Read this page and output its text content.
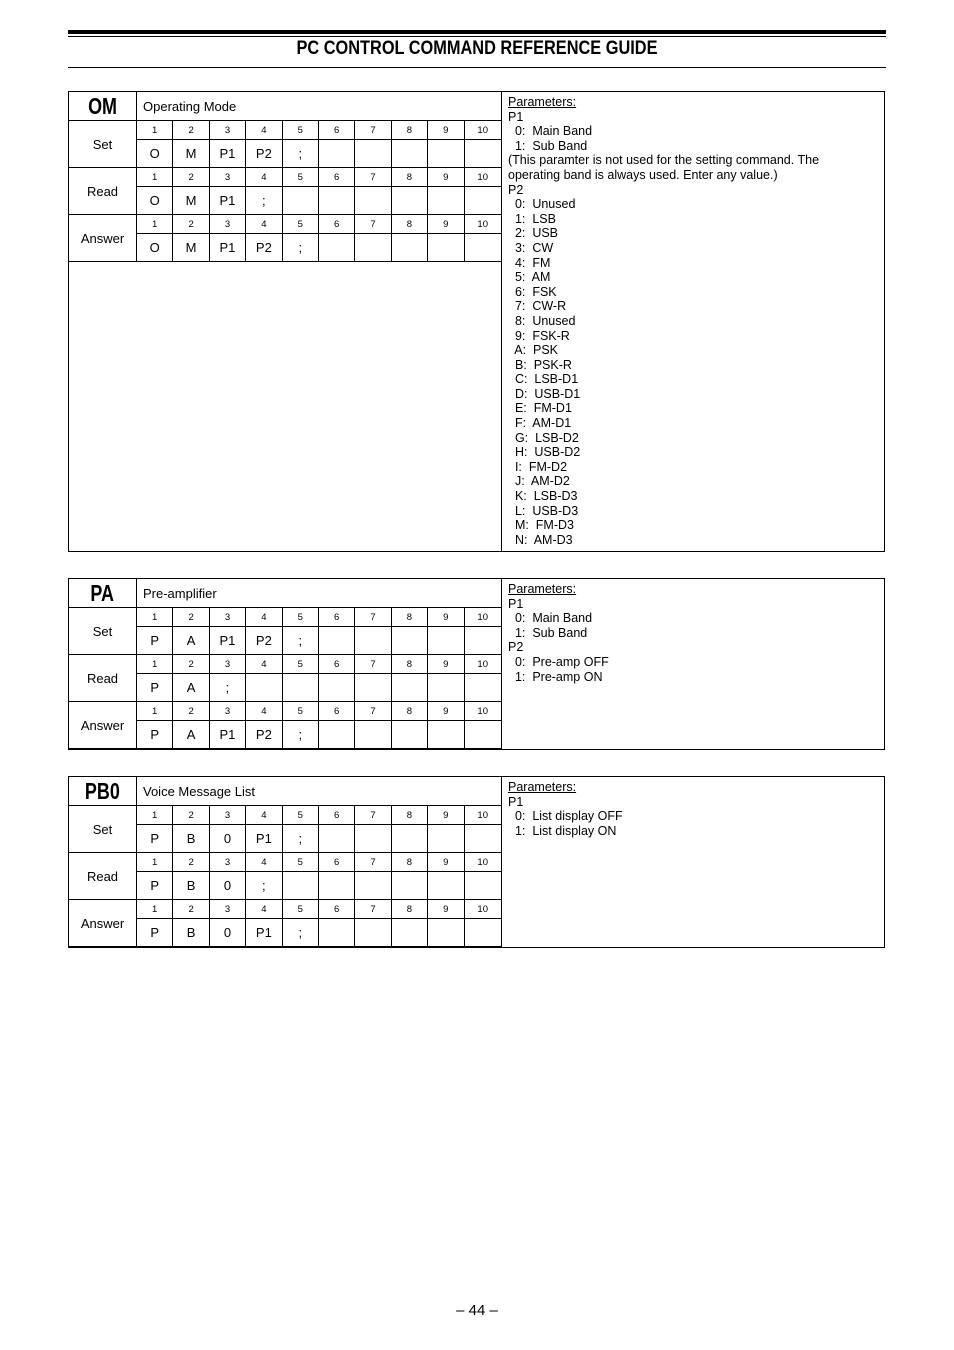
PC CONTROL COMMAND REFERENCE GUIDE
OM	Operating Mode
Set
1	2	3	4	5	6	7	8	9	10
O	M	P1	P2	;
Read
1	2	3	4	5	6	7	8	9	10
O	M	P1	;
Answer
1	2	3	4	5	6	7	8	9	10
O	M	P1	P2	;
Parameters:
P1
0:  Main Band
1:  Sub Band
(This paramter is not used for the setting command. The operating band is always used. Enter any value.)
P2
0:  Unused
1:  LSB
2:  USB
3:  CW
4:  FM
5:  AM
6:  FSK
7:  CW-R
8:  Unused
9:  FSK-R
A:  PSK
B:  PSK-R
C:  LSB-D1
D:  USB-D1
E:  FM-D1
F:  AM-D1
G:  LSB-D2
H:  USB-D2
I:  FM-D2
J:  AM-D2
K:  LSB-D3
L:  USB-D3
M:  FM-D3
N:  AM-D3
PA	Pre-amplifier
Set
1	2	3	4	5	6	7	8	9	10
P	A	P1	P2	;
Read
1	2	3	4	5	6	7	8	9	10
P	A	;
Answer
1	2	3	4	5	6	7	8	9	10
P	A	P1	P2	;
Parameters:
P1
0:  Main Band
1:  Sub Band
P2
0:  Pre-amp OFF
1:  Pre-amp ON
PB0	Voice Message List
Set
1	2	3	4	5	6	7	8	9	10
P	B	0	P1	;
Read
1	2	3	4	5	6	7	8	9	10
P	B	0	;
Answer
1	2	3	4	5	6	7	8	9	10
P	B	0	P1	;
Parameters:
P1
0:  List display OFF
1:  List display ON
– 44 –
